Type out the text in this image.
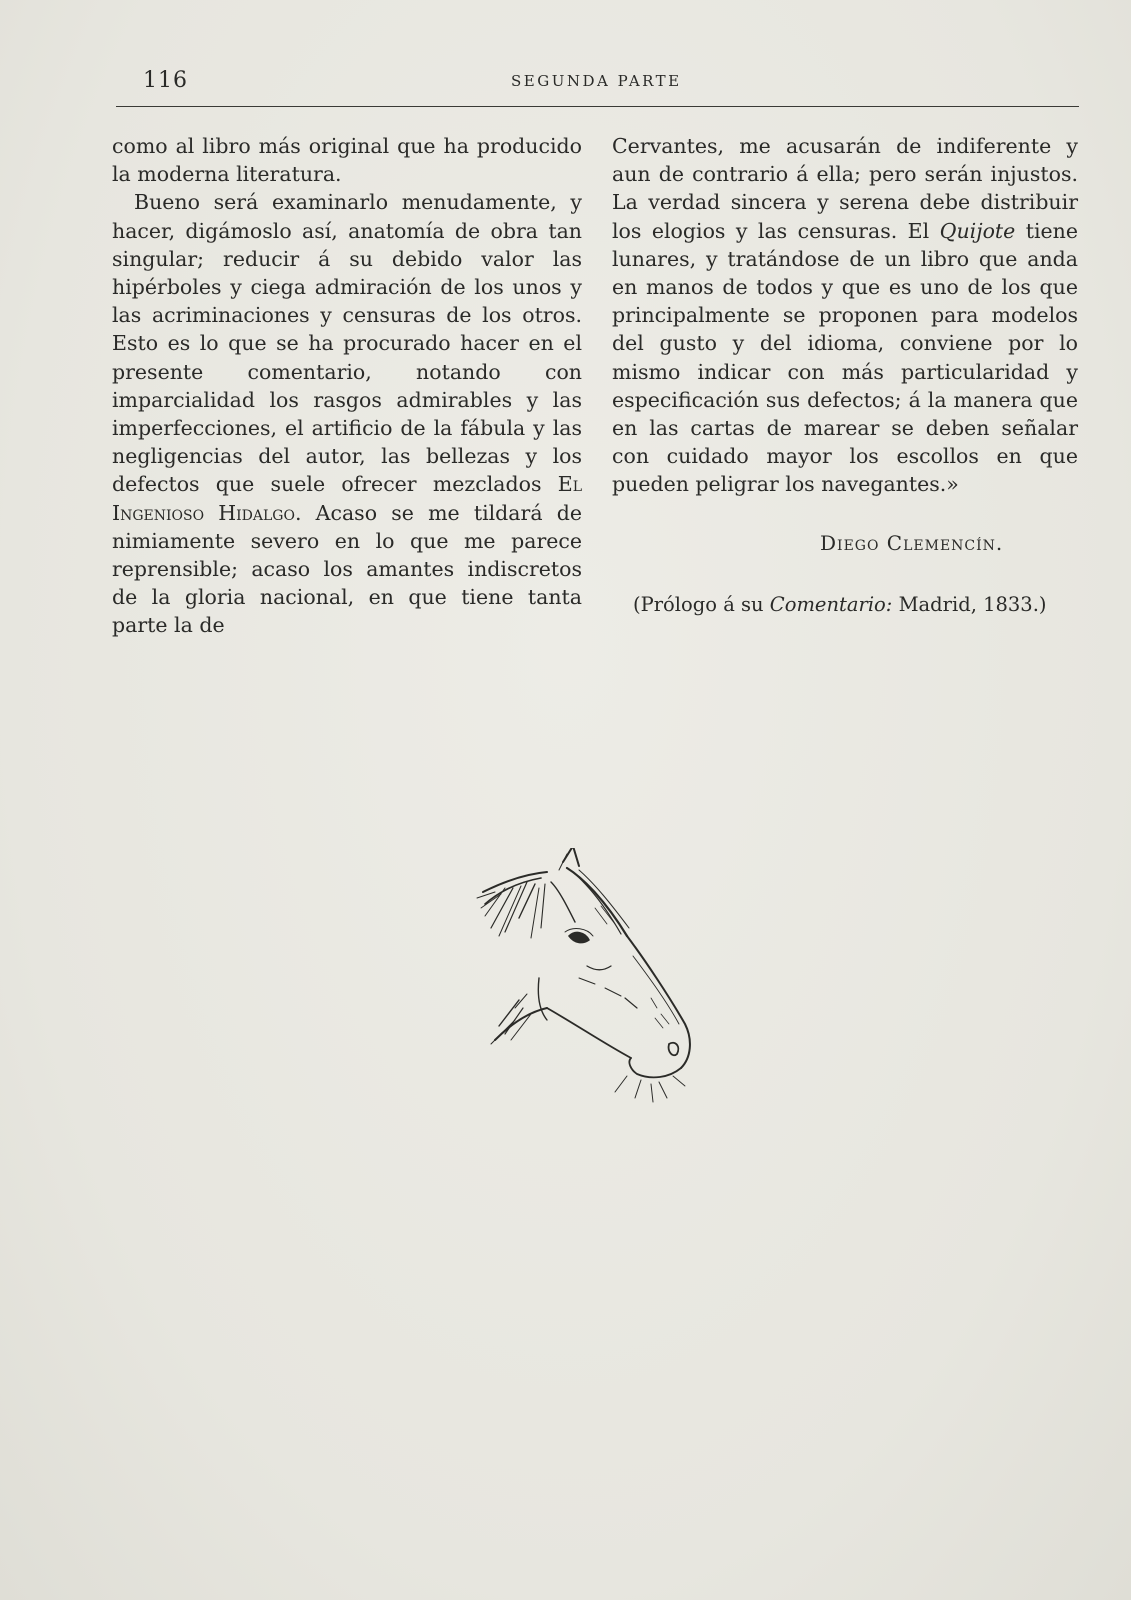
116	SEGUNDA PARTE

como al libro más original que ha producido la moderna literatura.

Bueno será examinarlo menudamente, y hacer, digámoslo así, anatomía de obra tan singular; reducir á su debido valor las hipérboles y ciega admiración de los unos y las acriminaciones y censuras de los otros. Esto es lo que se ha procurado hacer en el presente comentario, notando con imparcialidad los rasgos admirables y las imperfecciones, el artificio de la fábula y las negligencias del autor, las bellezas y los defectos que suele ofrecer mezclados El Ingenioso Hidalgo. Acaso se me tildará de nimiamente severo en lo que me parece reprensible; acaso los amantes indiscretos de la gloria nacional, en que tiene tanta parte la de

Cervantes, me acusarán de indiferente y aun de contrario á ella; pero serán injustos. La verdad sincera y serena debe distribuir los elogios y las censuras. El Quijote tiene lunares, y tratándose de un libro que anda en manos de todos y que es uno de los que principalmente se proponen para modelos del gusto y del idioma, conviene por lo mismo indicar con más particularidad y especificación sus defectos; á la manera que en las cartas de marear se deben señalar con cuidado mayor los escollos en que pueden peligrar los navegantes.»

Diego Clemencín.
(Prólogo á su Comentario: Madrid, 1833.)
